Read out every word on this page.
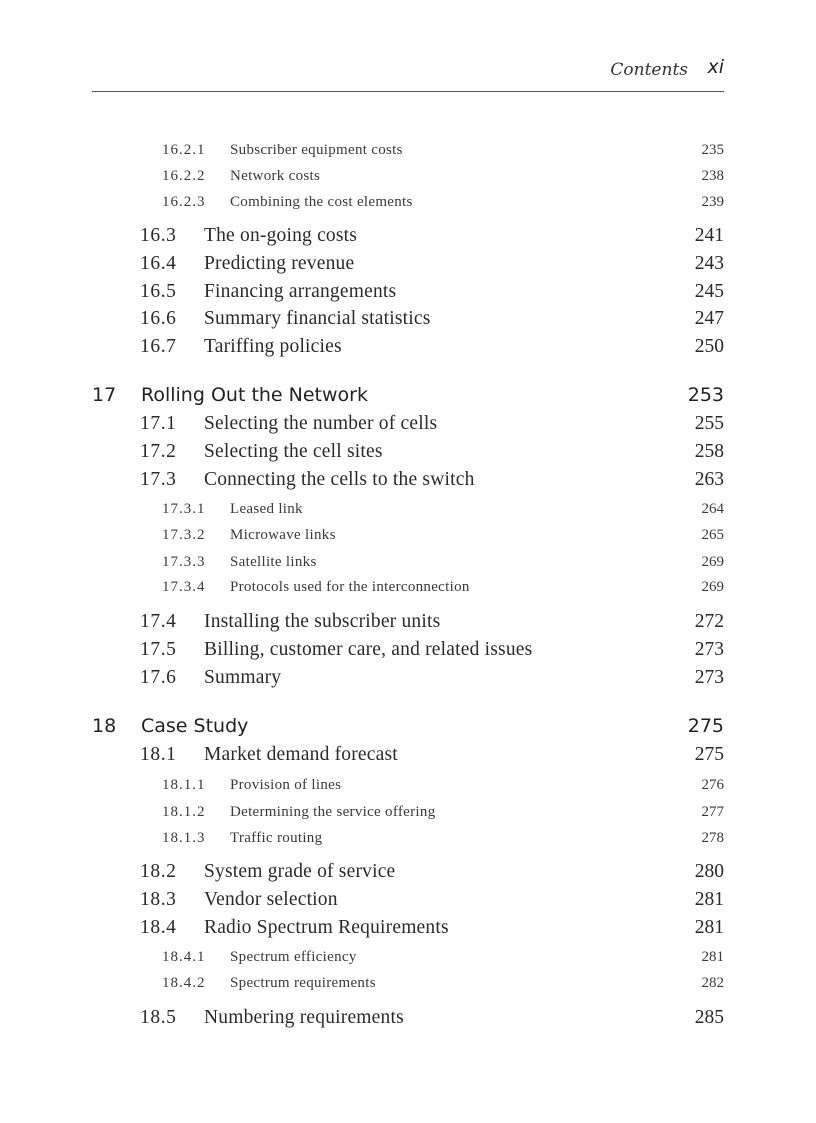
Contents xi
16.2.1 Subscriber equipment costs	235
16.2.2 Network costs	238
16.2.3 Combining the cost elements	239
16.3 The on-going costs	241
16.4 Predicting revenue	243
16.5 Financing arrangements	245
16.6 Summary financial statistics	247
16.7 Tariffing policies	250
17 Rolling Out the Network	253
17.1 Selecting the number of cells	255
17.2 Selecting the cell sites	258
17.3 Connecting the cells to the switch	263
17.3.1 Leased link	264
17.3.2 Microwave links	265
17.3.3 Satellite links	269
17.3.4 Protocols used for the interconnection	269
17.4 Installing the subscriber units	272
17.5 Billing, customer care, and related issues	273
17.6 Summary	273
18 Case Study	275
18.1 Market demand forecast	275
18.1.1 Provision of lines	276
18.1.2 Determining the service offering	277
18.1.3 Traffic routing	278
18.2 System grade of service	280
18.3 Vendor selection	281
18.4 Radio Spectrum Requirements	281
18.4.1 Spectrum efficiency	281
18.4.2 Spectrum requirements	282
18.5 Numbering requirements	285
